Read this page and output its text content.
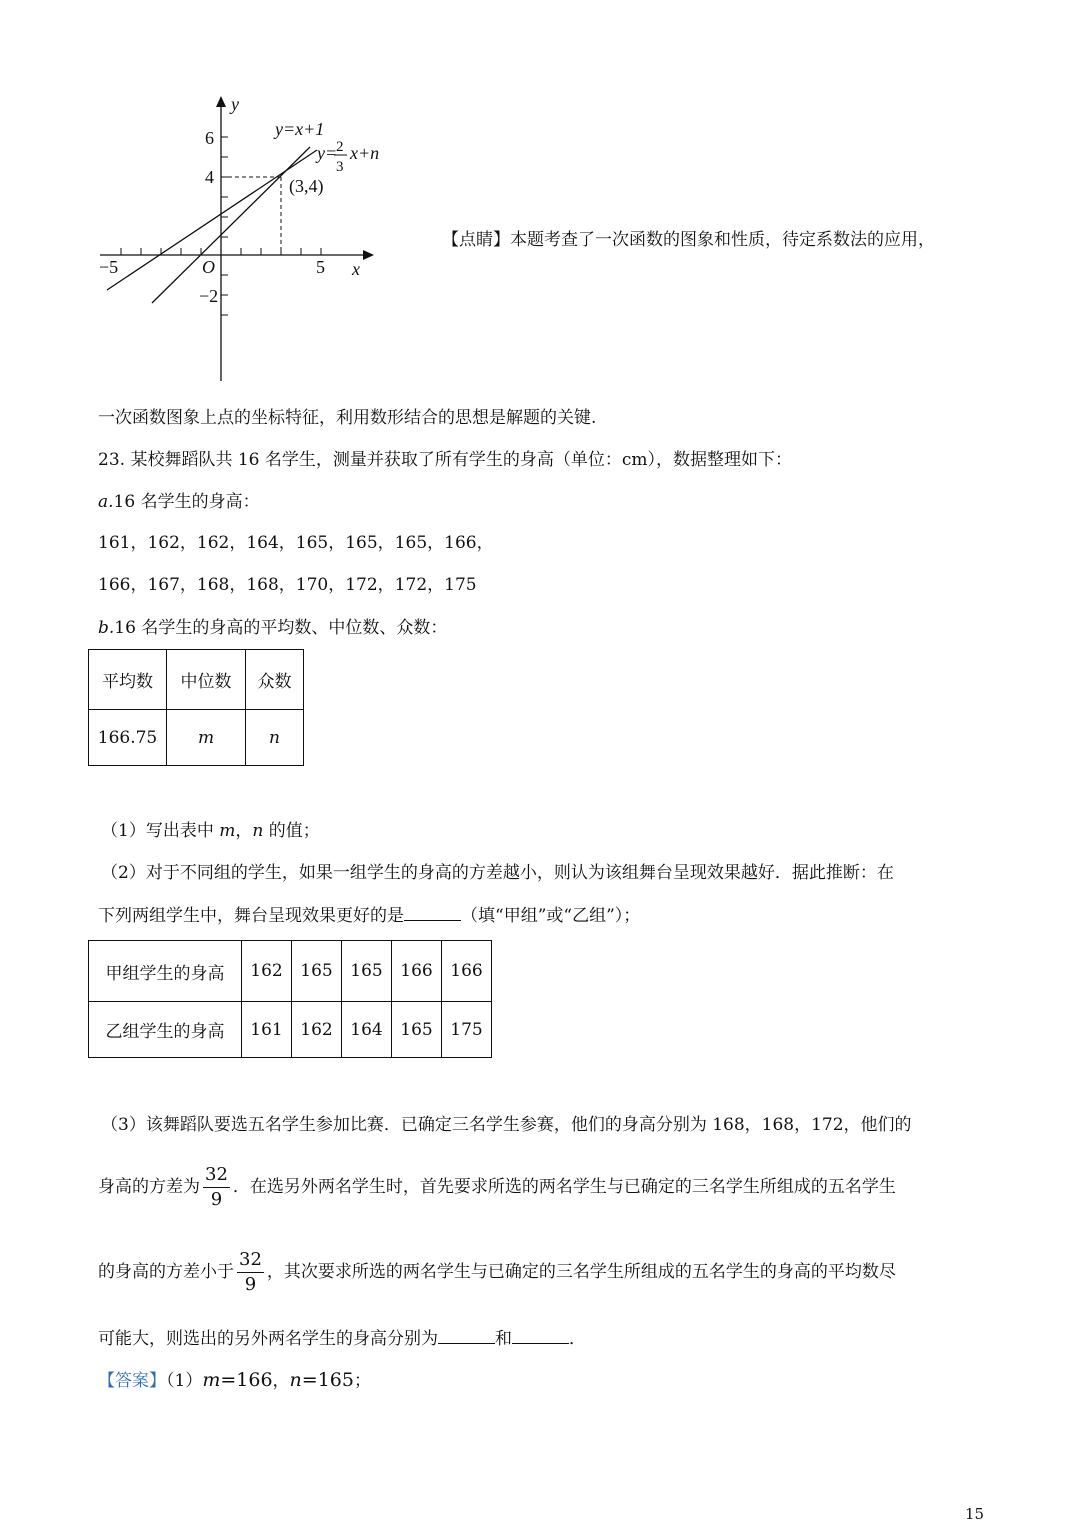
y
x
O
−5	5
6
4
−2
y=x+1
y=
2
3
x+n
(3,4)
【点睛】本题考查了一次函数的图象和性质，待定系数法的应用，
一次函数图象上点的坐标特征，利用数形结合的思想是解题的关键.
23. 某校舞蹈队共 16 名学生，测量并获取了所有学生的身高（单位：cm），数据整理如下：
a.16 名学生的身高：
161，162，162，164，165，165，165，166，
166，167，168，168，170，172，172，175
b.16 名学生的身高的平均数、中位数、众数：
平均数	中位数	众数
166.75	m	n
（1）写出表中 m，n 的值；
（2）对于不同组的学生，如果一组学生的身高的方差越小，则认为该组舞台呈现效果越好．据此推断：在
下列两组学生中，舞台呈现效果更好的是	（填“甲组”或“乙组”）；
甲组学生的身高	162	165	165	166	166
乙组学生的身高	161	162	164	165	175
（3）该舞蹈队要选五名学生参加比赛．已确定三名学生参赛，他们的身高分别为 168，168，172，他们的
身高的方差为 $\frac{32}{9}$ ．在选另外两名学生时，首先要求所选的两名学生与已确定的三名学生所组成的五名学生
的身高的方差小于 $\frac{32}{9}$ ，其次要求所选的两名学生与已确定的三名学生所组成的五名学生的身高的平均数尽
可能大，则选出的另外两名学生的身高分别为	和	．
【答案】（1）m=166，n=165；
15
